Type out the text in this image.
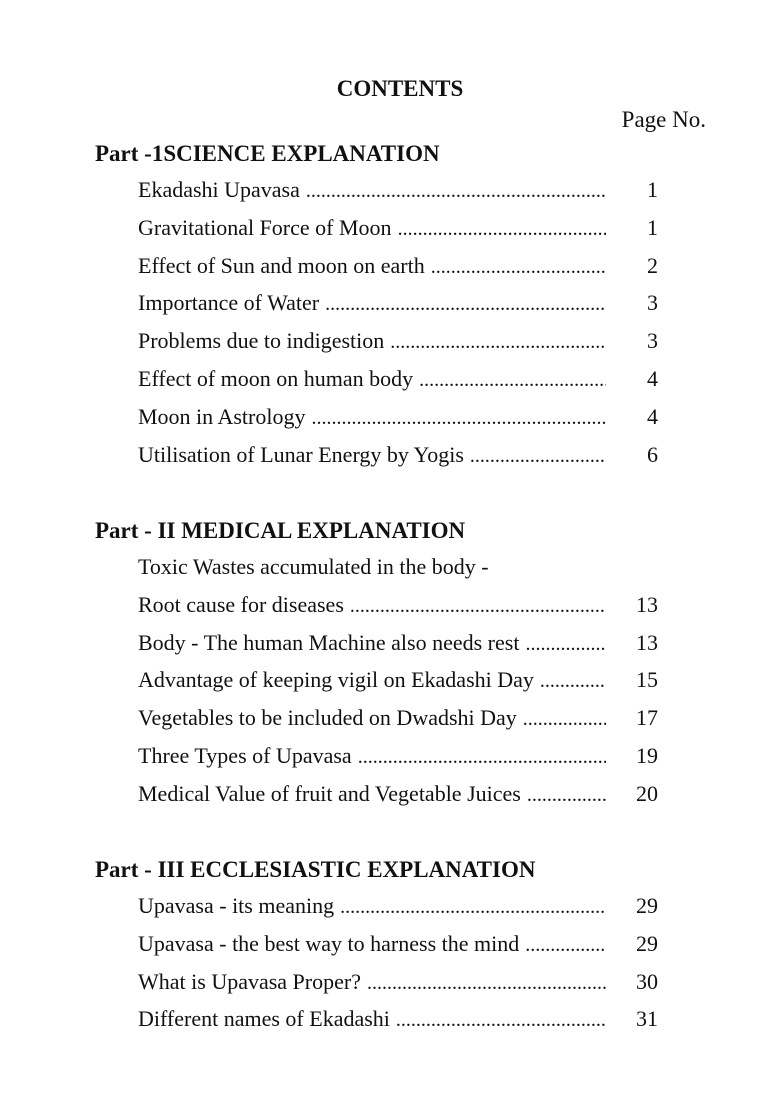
CONTENTS
Page No.
Part -1SCIENCE EXPLANATION
Ekadashi Upavasa . . .	1
Gravitational Force of Moon . . .	1
Effect of Sun and moon on earth . . .	2
Importance of Water . . .	3
Problems due to indigestion . . .	3
Effect of moon on human body . . .	4
Moon in Astrology . . .	4
Utilisation of Lunar Energy by Yogis . . .	6
Part - II MEDICAL EXPLANATION
Toxic Wastes accumulated in the body -
Root cause for diseases . . .	13
Body - The human Machine also needs rest . . .	13
Advantage of keeping vigil on Ekadashi Day . . .	15
Vegetables to be included on Dwadshi Day . . .	17
Three Types of Upavasa . . .	19
Medical Value of fruit and Vegetable Juices . . .	20
Part - III ECCLESIASTIC EXPLANATION
Upavasa - its meaning . . .	29
Upavasa - the best way to harness the mind . . .	29
What is Upavasa Proper? . . .	30
Different names of Ekadashi . . .	31
